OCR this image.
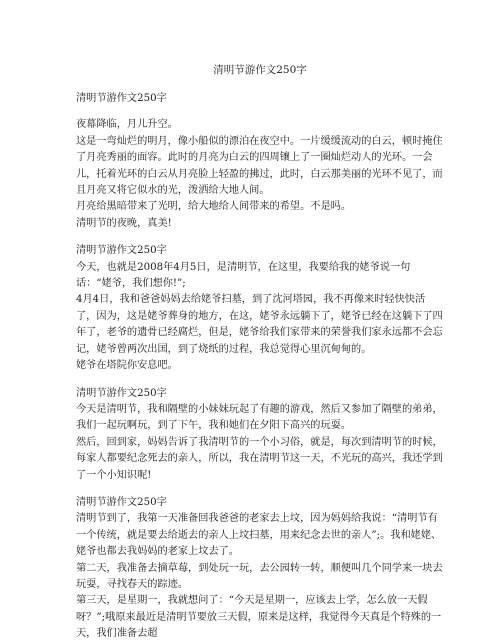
清明节游作文250字
清明节游作文250字

夜幕降临，月儿升空。

这是一弯灿烂的明月，像小船似的漂泊在夜空中。一片缓缓流动的白云，顿时掩住了月亮秀丽的面容。此时的月亮为白云的四周镶上了一圈灿烂动人的光环。一会儿，托着光环的白云从月亮脸上轻盈的拂过，此时，白云那美丽的光环不见了，而且月亮又将它似水的光，泼洒给大地人间。

月亮给黑暗带来了光明，给大地给人间带来的希望。不是吗。

清明节的夜晚，真美!

清明节游作文250字

今天，也就是2008年4月5日，是清明节，在这里，我要给我的姥爷说一句话：“姥爷，我们想你!”;

4月4日，我和爸爸妈妈去给姥爷扫墓，到了沈河塔园，我不再像来时轻快快活了，因为，这是姥爷葬身的地方，在这，姥爷永远躺下了，姥爷已经在这躺下了四年了，老爷的遗骨已经腐烂，但是，姥爷给我们家带来的荣誉我们家永远都不会忘记，姥爷曾两次出国，到了烧纸的过程，我总觉得心里沉甸甸的。

姥爷在塔院你安息吧。

清明节游作文250字

今天是清明节，我和隔壁的小妹妹玩起了有趣的游戏，然后又参加了隔壁的弟弟，我们一起玩啊玩，到了下午，我和她们在夕阳下高兴的玩耍。

然后，回到家，妈妈告诉了我清明节的一个小习俗，就是，每次到清明节的时候，每家人都要纪念死去的亲人，所以，我在清明节这一天，不光玩的高兴，我还学到了一个小知识呢!

清明节游作文250字

清明节到了，我第一天准备回我爸爸的老家去上坟，因为妈妈给我说：“清明节有一个传统，就是要去给逝去的亲人上坟扫墓，用来纪念去世的亲人”;。我和姥姥、姥爷也都去我妈妈的老家上坟去了。

第二天，我准备去摘草莓，到处玩一玩，去公园转一转，顺便叫几个同学来一块去玩耍，寻找春天的踪迹。

第三天，是星期一，我就想问了：“今天是星期一，应该去上学，怎么放一天假呀？”;哦原来最近是清明节要放三天假，原来是这样，我觉得今天真是个特殊的一天，我们准备去超
